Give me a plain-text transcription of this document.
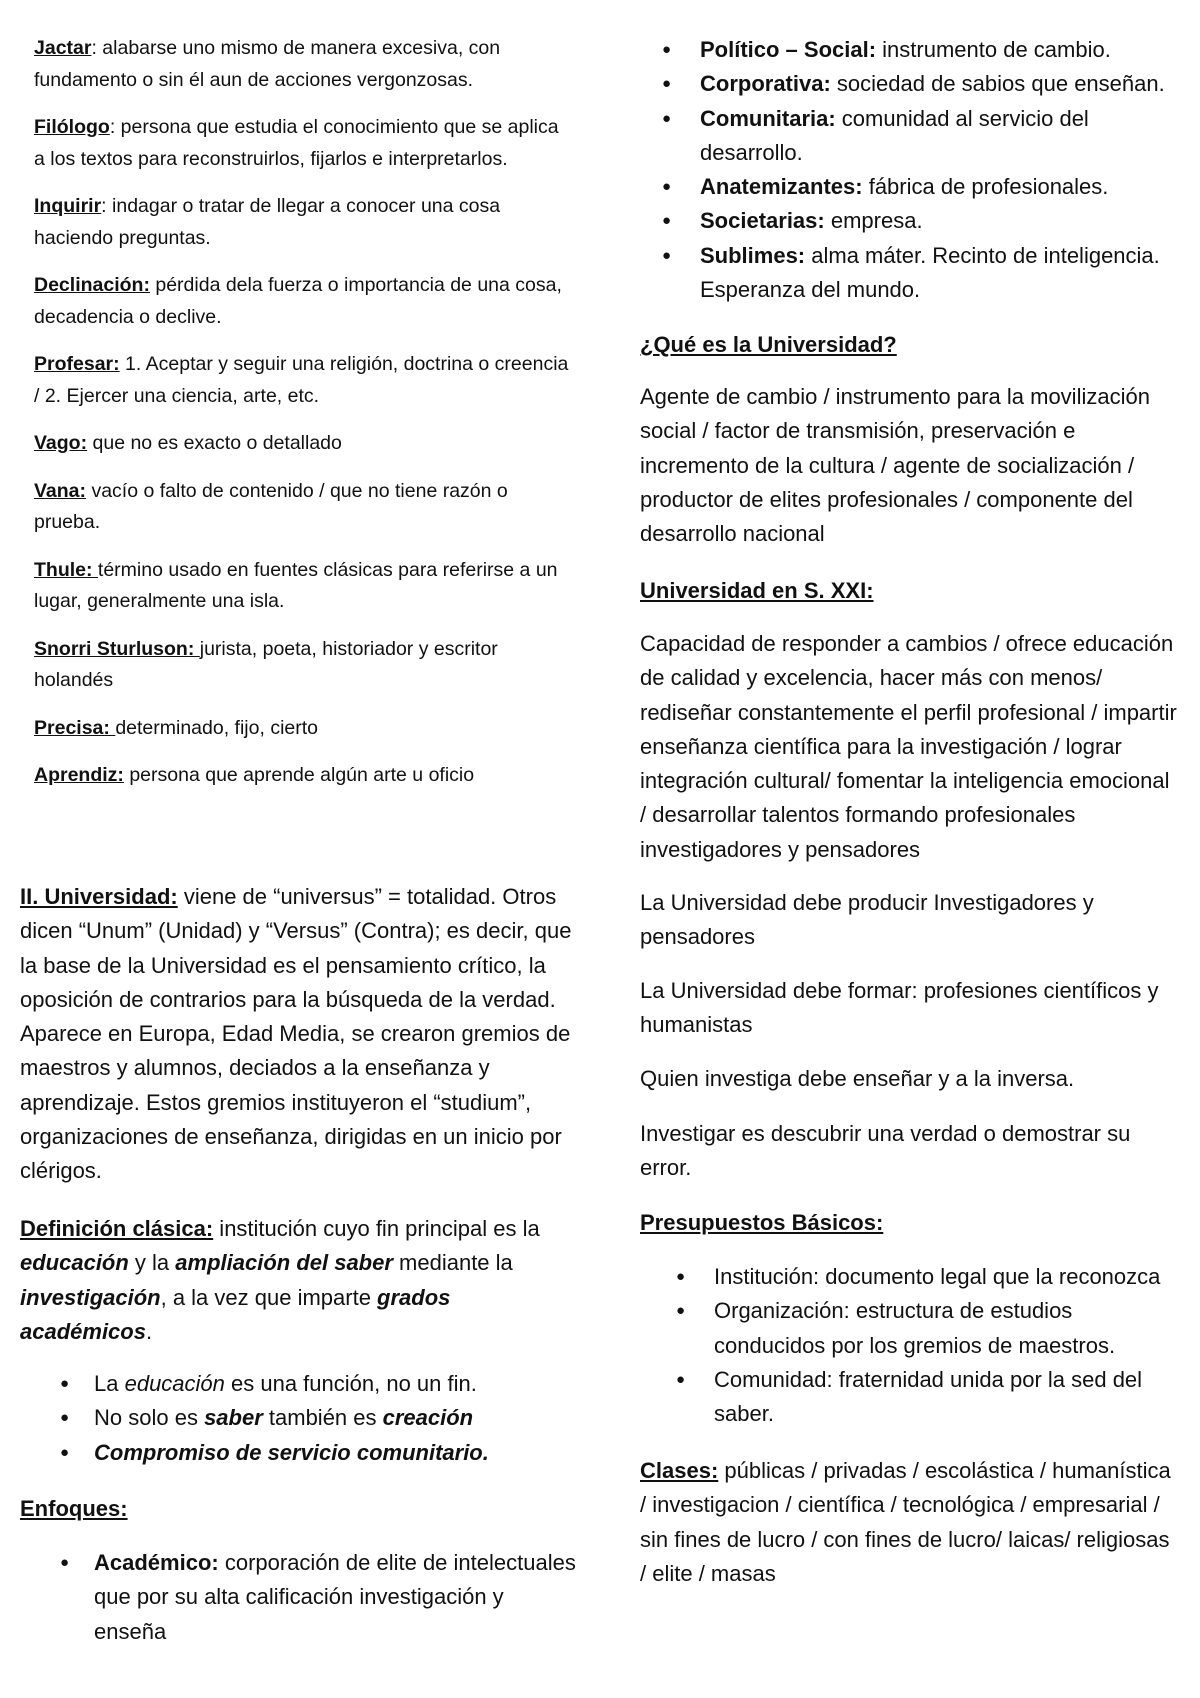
Jactar: alabarse uno mismo de manera excesiva, con fundamento o sin él aun de acciones vergonzosas.

Filólogo: persona que estudia el conocimiento que se aplica a los textos para reconstruirlos, fijarlos e interpretarlos.

Inquirir: indagar o tratar de llegar a conocer una cosa haciendo preguntas.

Declinación: pérdida dela fuerza o importancia de una cosa, decadencia o declive.

Profesar: 1. Aceptar y seguir una religión, doctrina o creencia / 2. Ejercer una ciencia, arte, etc.

Vago: que no es exacto o detallado

Vana: vacío o falto de contenido / que no tiene razón o prueba.

Thule: término usado en fuentes clásicas para referirse a un lugar, generalmente una isla.

Snorri Sturluson: jurista, poeta, historiador y escritor holandés

Precisa: determinado, fijo, cierto

Aprendiz: persona que aprende algún arte u oficio

II. Universidad: viene de “universus” = totalidad. Otros dicen “Unum” (Unidad) y “Versus” (Contra); es decir, que la base de la Universidad es el pensamiento crítico, la oposición de contrarios para la búsqueda de la verdad. Aparece en Europa, Edad Media, se crearon gremios de maestros y alumnos, deciados a la enseñanza y aprendizaje. Estos gremios instituyeron el “studium”, organizaciones de enseñanza, dirigidas en un inicio por clérigos.

Definición clásica: institución cuyo fin principal es la educación y la ampliación del saber mediante la investigación, a la vez que imparte grados académicos.

● La educación es una función, no un fin.
● No solo es saber también es creación
● Compromiso de servicio comunitario.
Enfoques:
● Académico: corporación de elite de intelectuales que por su alta calificación investigación y enseña
● Político – Social: instrumento de cambio.
● Corporativa: sociedad de sabios que enseñan.
● Comunitaria: comunidad al servicio del desarrollo.
● Anatemizantes: fábrica de profesionales.
● Societarias: empresa.
● Sublimes: alma máter. Recinto de inteligencia. Esperanza del mundo.
¿Qué es la Universidad?

Agente de cambio / instrumento para la movilización social / factor de transmisión, preservación e incremento de la cultura / agente de socialización / productor de elites profesionales / componente del desarrollo nacional

Universidad en S. XXI:

Capacidad de responder a cambios / ofrece educación de calidad y excelencia, hacer más con menos/ rediseñar constantemente el perfil profesional / impartir enseñanza científica para la investigación / lograr integración cultural/ fomentar la inteligencia emocional / desarrollar talentos formando profesionales investigadores y pensadores

La Universidad debe producir Investigadores y pensadores

La Universidad debe formar: profesiones científicos y humanistas

Quien investiga debe enseñar y a la inversa.

Investigar es descubrir una verdad o demostrar su error.

Presupuestos Básicos:
● Institución: documento legal que la reconozca
● Organización: estructura de estudios conducidos por los gremios de maestros.
● Comunidad: fraternidad unida por la sed del saber.

Clases: públicas / privadas / escolástica / humanística / investigacion / científica / tecnológica / empresarial / sin fines de lucro / con fines de lucro/ laicas/ religiosas / elite / masas
